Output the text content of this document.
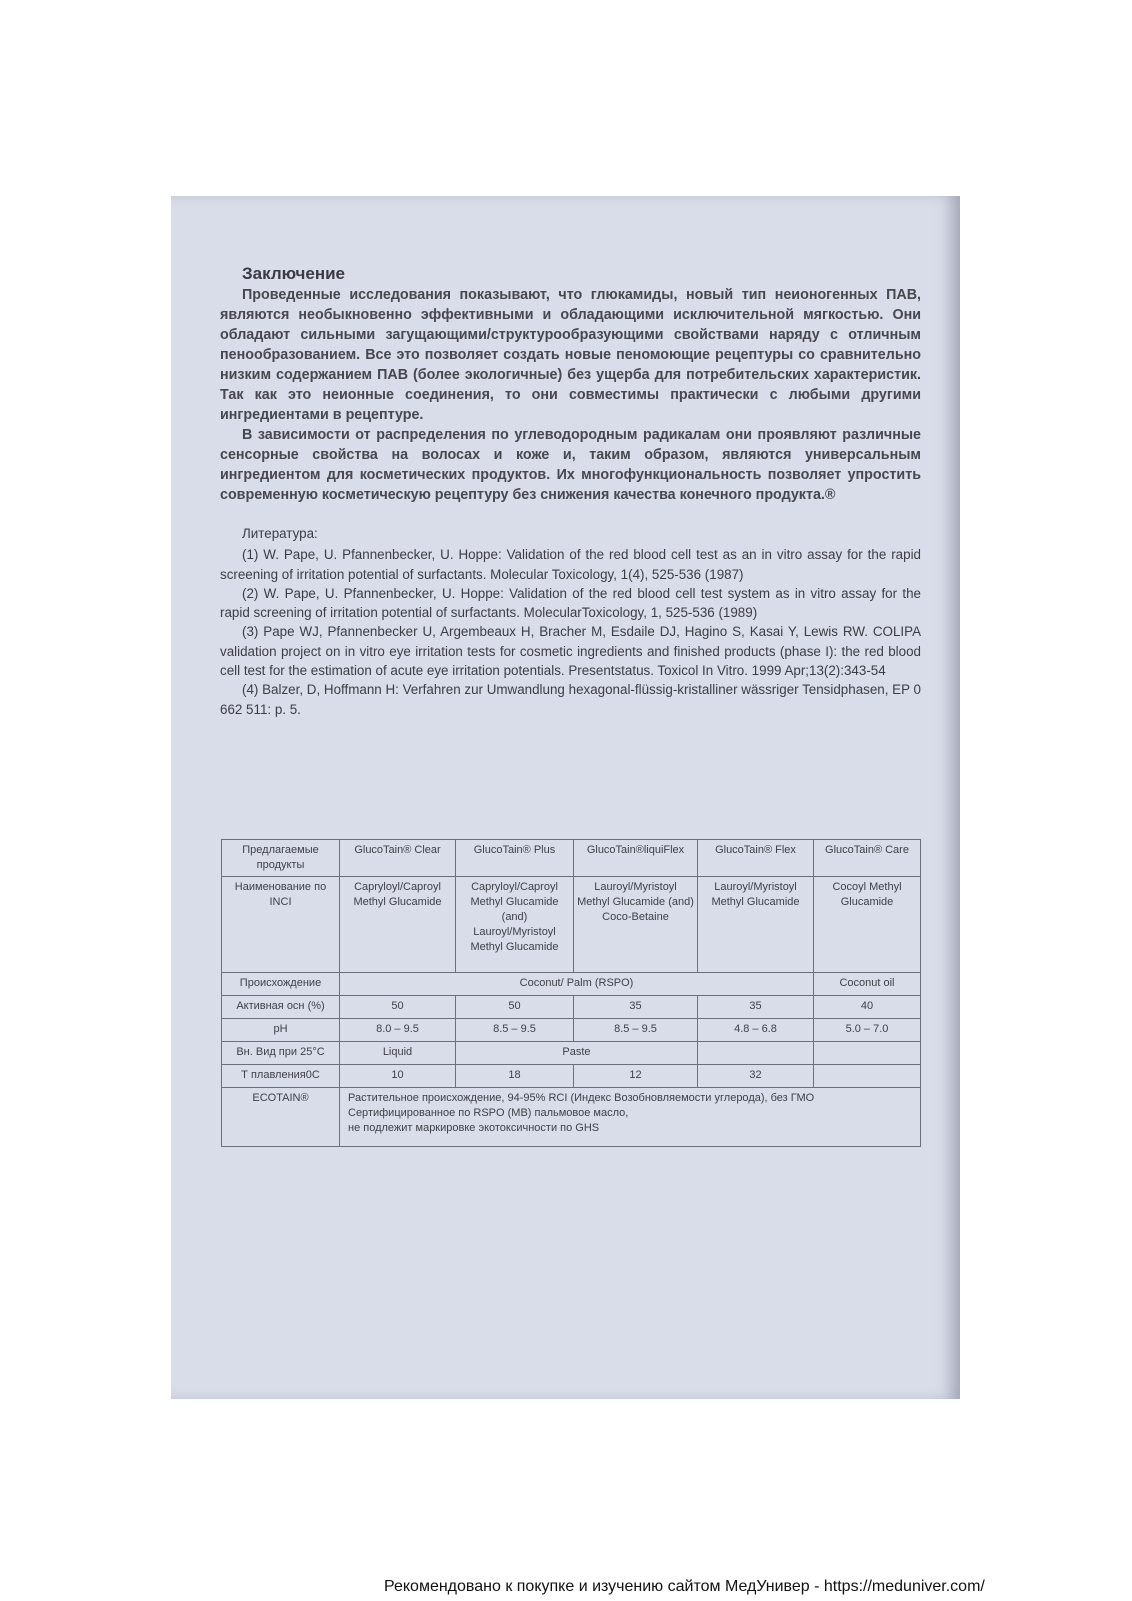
Заключение

Проведенные исследования показывают, что глюкамиды, новый тип неионогенных ПАВ, являются необыкновенно эффективными и обладающими исключительной мягкостью. Они обладают сильными загущающими/структурообразующими свойствами наряду с отличным пенообразованием. Все это позволяет создать новые пеномоющие рецептуры со сравнительно низким содержанием ПАВ (более экологичные) без ущерба для потребительских характеристик. Так как это неионные соединения, то они совместимы практически с любыми другими ингредиентами в рецептуре.

В зависимости от распределения по углеводородным радикалам они проявляют различные сенсорные свойства на волосах и коже и, таким образом, являются универсальным ингредиентом для косметических продуктов. Их многофункциональность позволяет упростить современную косметическую рецептуру без снижения качества конечного продукта.®

Литература:

(1) W. Pape, U. Pfannenbecker, U. Hoppe: Validation of the red blood cell test as an in vitro assay for the rapid screening of irritation potential of surfactants. Molecular Toxicology, 1(4), 525-536 (1987)

(2) W. Pape, U. Pfannenbecker, U. Hoppe: Validation of the red blood cell test system as in vitro assay for the rapid screening of irritation potential of surfactants. MolecularToxicology, 1, 525-536 (1989)

(3) Pape WJ, Pfannenbecker U, Argembeaux H, Bracher M, Esdaile DJ, Hagino S, Kasai Y, Lewis RW. COLIPA validation project on in vitro eye irritation tests for cosmetic ingredients and finished products (phase I): the red blood cell test for the estimation of acute eye irritation potentials. Presentstatus. Toxicol In Vitro. 1999 Apr;13(2):343-54

(4) Balzer, D, Hoffmann H: Verfahren zur Umwandlung hexagonal-flüssig-kristalliner wässriger Tensidphasen, EP 0 662 511: p. 5.

Предлагаемые продукты	GlucoTain® Clear	GlucoTain® Plus	GlucoTain®liquiFlex	GlucoTain® Flex	GlucoTain® Care
Наименование по INCI	Capryloyl/Caproyl Methyl Glucamide	Capryloyl/Caproyl Methyl Glucamide (and) Lauroyl/Myristoyl Methyl Glucamide	Lauroyl/Myristoyl Methyl Glucamide (and) Coco-Betaine	Lauroyl/Myristoyl Methyl Glucamide	Cocoyl Methyl Glucamide
Происхождение	Coconut/ Palm (RSPO)				Coconut oil
Активная осн (%)	50	50	35	35	40
pH	8.0 – 9.5	8.5 – 9.5	8.5 – 9.5	4.8 – 6.8	5.0 – 7.0
Вн. Вид при 25°C	Liquid	Paste			
Т плавления0С	10	18	12	32	
ECOTAIN®	Растительное происхождение, 94-95% RCI (Индекс Возобновляемости углерода), без ГМО
Сертифицированное по RSPO (MB) пальмовое масло,
не подлежит маркировке экотоксичности по GHS				
Рекомендовано к покупке и изучению сайтом МедУнивер - https://meduniver.com/
